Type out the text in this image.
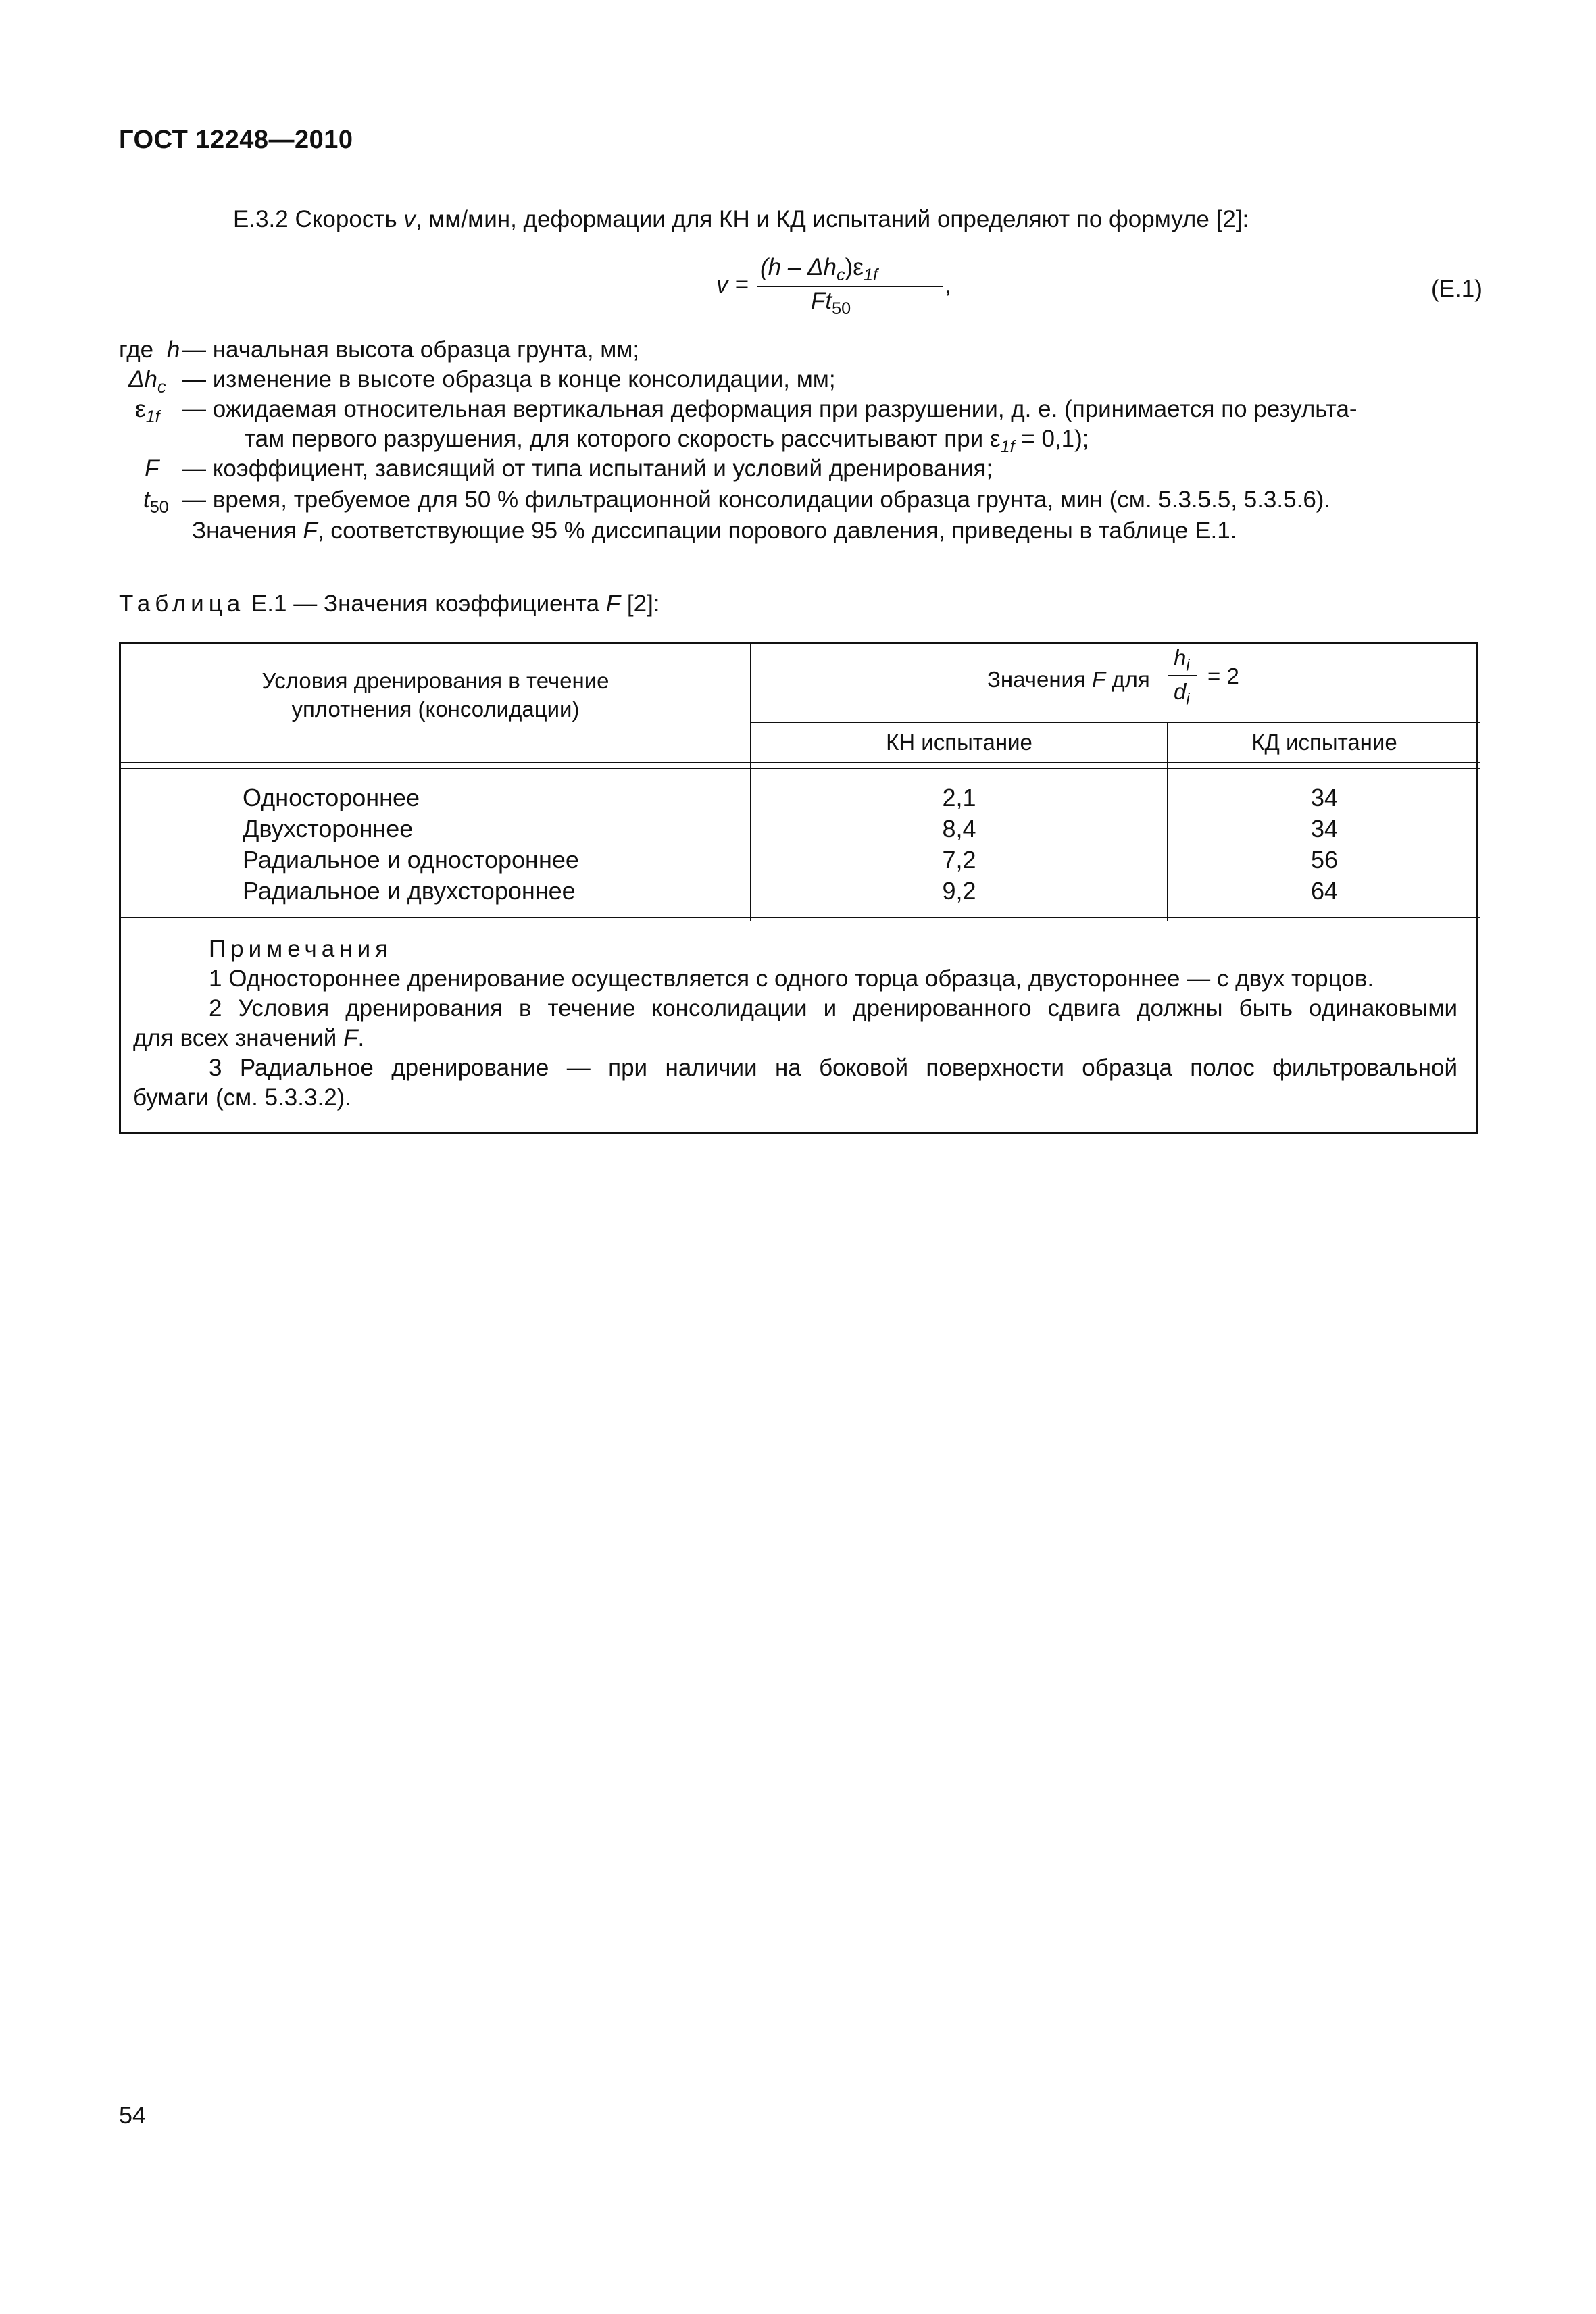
ГОСТ 12248—2010
Е.3.2 Скорость v, мм/мин, деформации для КН и КД испытаний определяют по формуле [2]:
v =
$(h - \Delta h_c)\varepsilon_{1f}$
$Ft_{50}$
,	(Е.1)
где h — начальная высота образца грунта, мм;
$\Delta h_c$ — изменение в высоте образца в конце консолидации, мм;
$\varepsilon_{1f}$ — ожидаемая относительная вертикальная деформация при разрушении, д. е. (принимается по результа-
там первого разрушения, для которого скорость рассчитывают при $\varepsilon_{1f} = 0,1$);
F — коэффициент, зависящий от типа испытаний и условий дренирования;
$t_{50}$ — время, требуемое для 50 % фильтрационной консолидации образца грунта, мин (см. 5.3.5.5, 5.3.5.6).
Значения F, соответствующие 95 % диссипации порового давления, приведены в таблице Е.1.
Таблица Е.1 — Значения коэффициента F [2]:
Условия дренирования в течение
уплотнения (консолидации)
Значения F для
$h_i$
$d_i$
= 2
КН испытание	КД испытание
Одностороннее
Двухстороннее
Радиальное и одностороннее
Радиальное и двухстороннее
2,1
8,4
7,2
9,2
34
34
56
64

Примечания

1 Одностороннее дренирование осуществляется с одного торца образца, двустороннее — с двух торцов.

2 Условия дренирования в течение консолидации и дренированного сдвига должны быть одинаковыми

для всех значений F.

3 Радиальное дренирование — при наличии на боковой поверхности образца полос фильтровальной

бумаги (см. 5.3.3.2).

54
